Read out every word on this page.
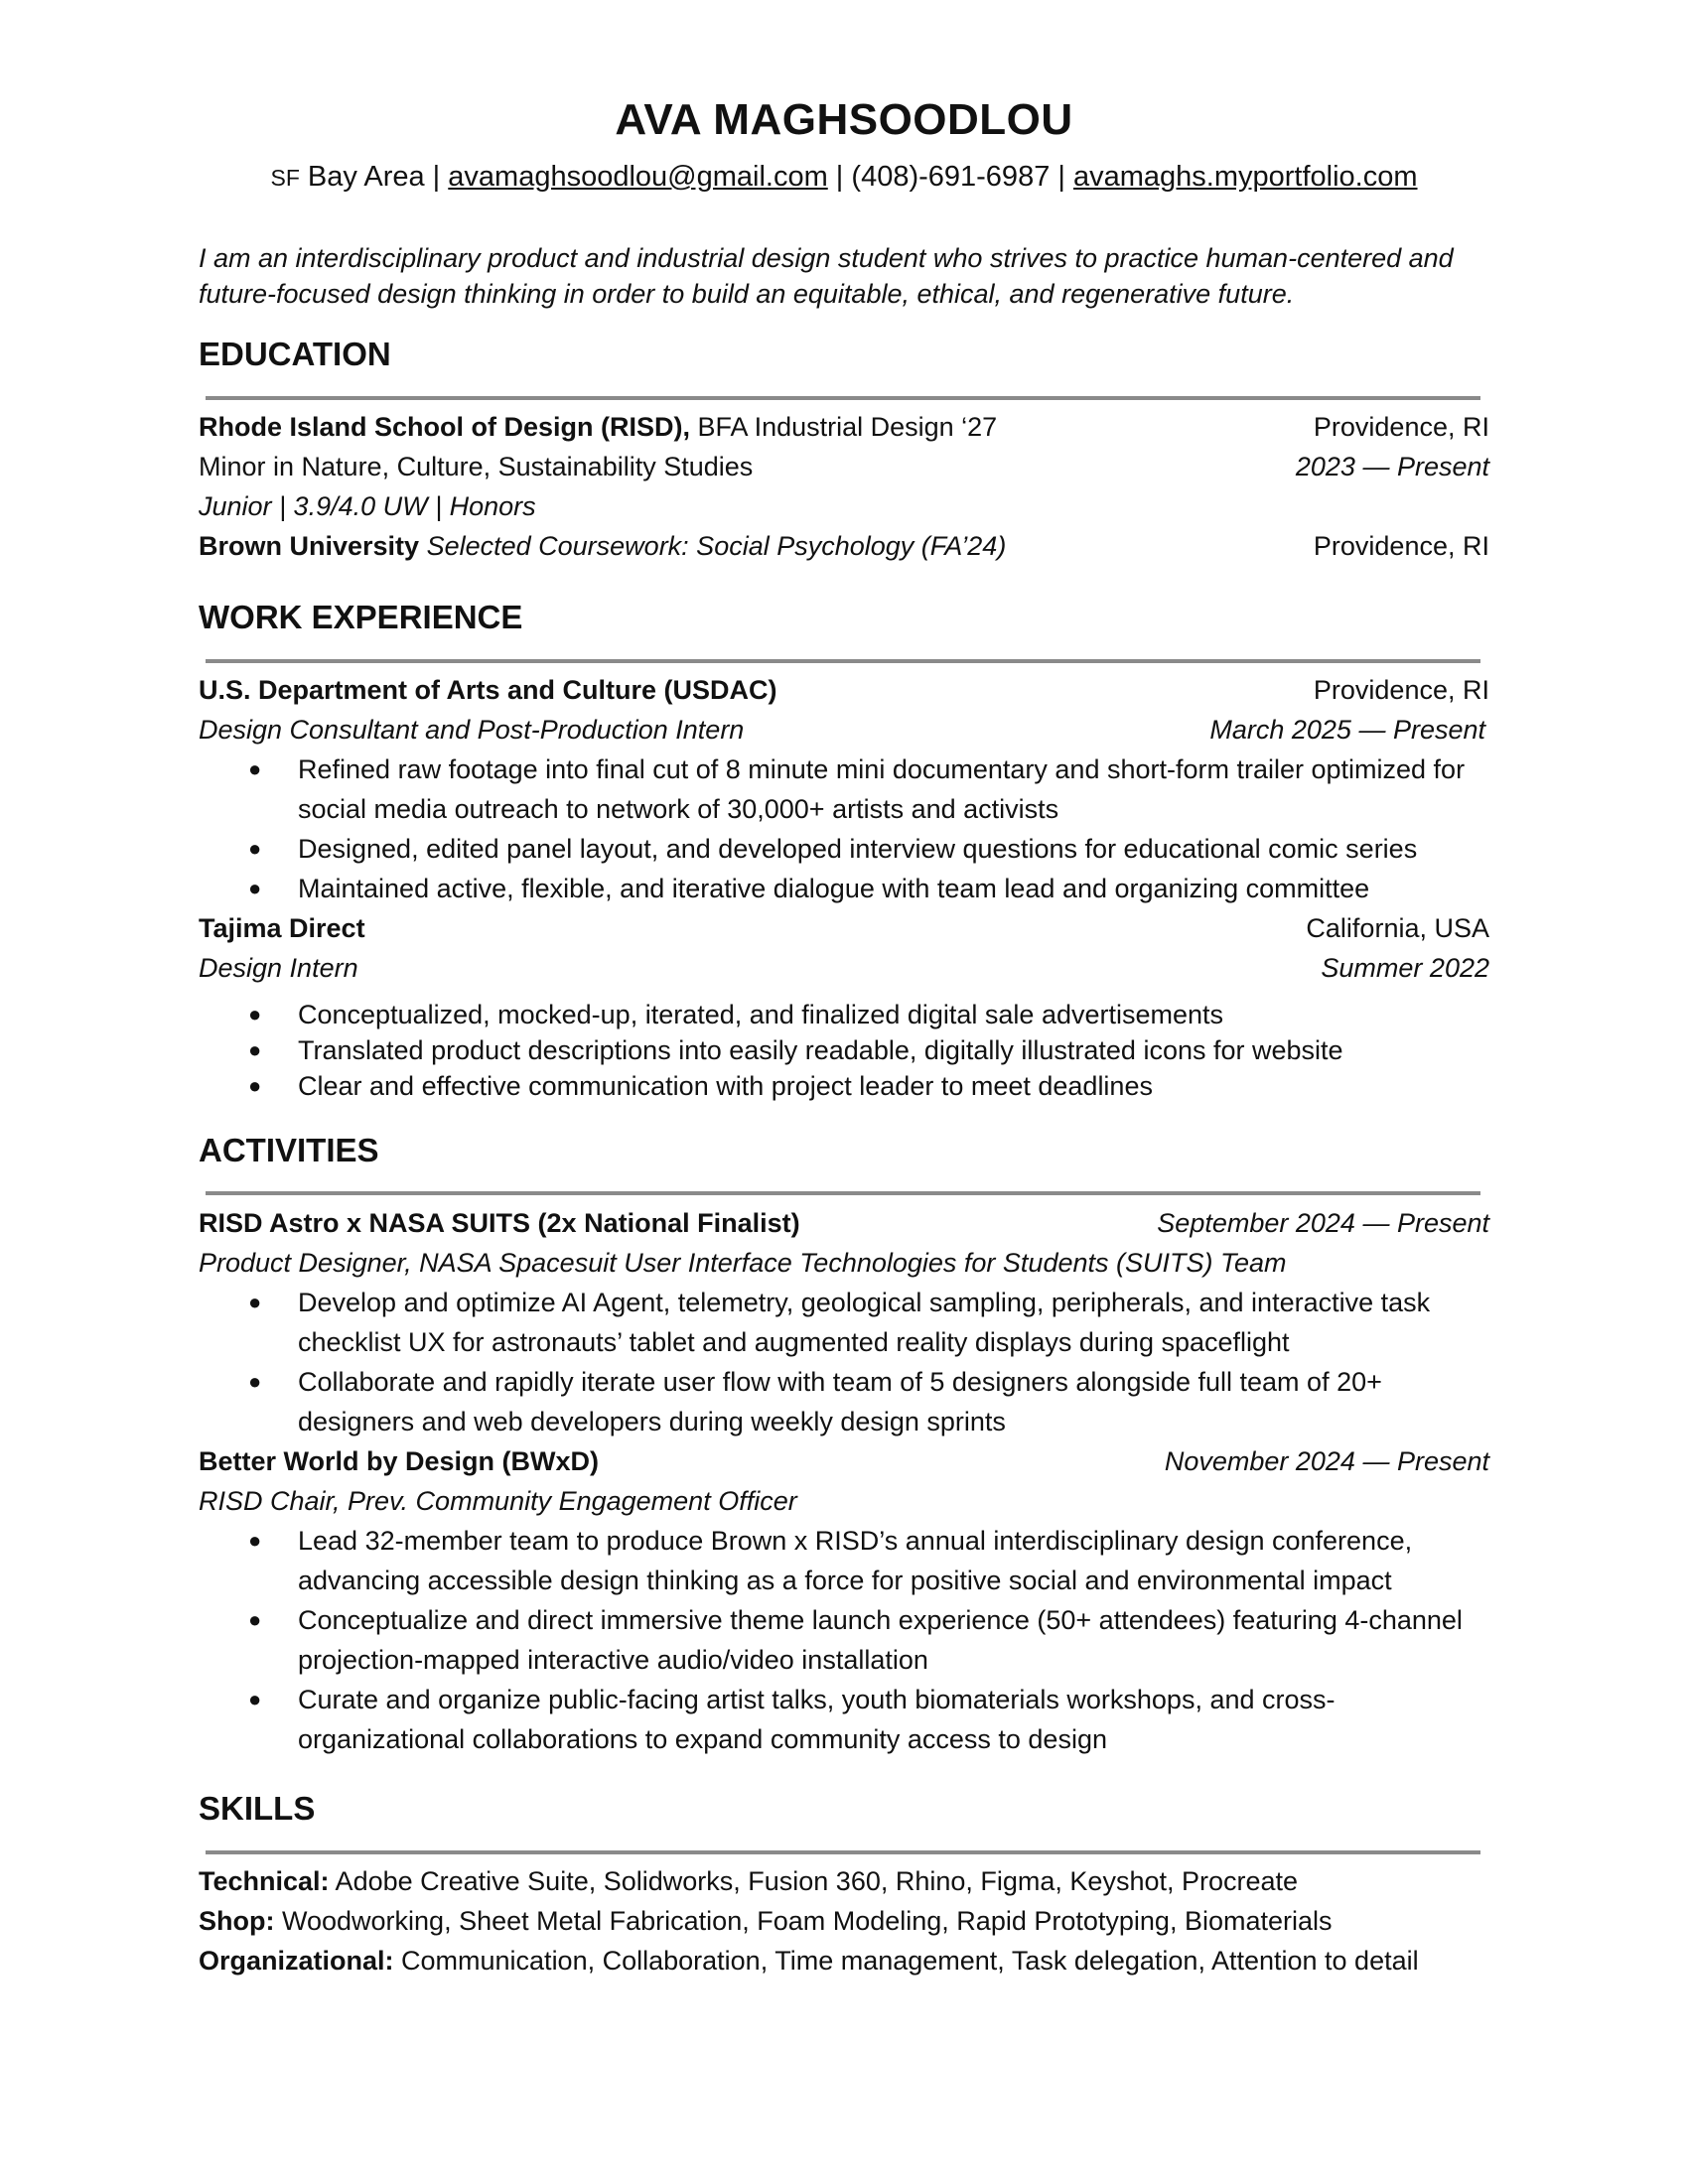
AVA MAGHSOODLOU
SF Bay Area | avamaghsoodlou@gmail.com | (408)-691-6987 | avamaghs.myportfolio.com
I am an interdisciplinary product and industrial design student who strives to practice human-centered and future-focused design thinking in order to build an equitable, ethical, and regenerative future.
EDUCATION
Rhode Island School of Design (RISD), BFA Industrial Design ‘27	Providence, RI
Minor in Nature, Culture, Sustainability Studies	2023 — Present
Junior | 3.9/4.0 UW | Honors
Brown University Selected Coursework: Social Psychology (FA’24)	Providence, RI
WORK EXPERIENCE
U.S. Department of Arts and Culture (USDAC)	Providence, RI
Design Consultant and Post-Production Intern	March 2025 — Present
● Refined raw footage into final cut of 8 minute mini documentary and short-form trailer optimized for social media outreach to network of 30,000+ artists and activists
● Designed, edited panel layout, and developed interview questions for educational comic series
● Maintained active, flexible, and iterative dialogue with team lead and organizing committee
Tajima Direct	California, USA
Design Intern	Summer 2022
● Conceptualized, mocked-up, iterated, and finalized digital sale advertisements
● Translated product descriptions into easily readable, digitally illustrated icons for website
● Clear and effective communication with project leader to meet deadlines
ACTIVITIES
RISD Astro x NASA SUITS (2x National Finalist)	September 2024 — Present
Product Designer, NASA Spacesuit User Interface Technologies for Students (SUITS) Team
● Develop and optimize AI Agent, telemetry, geological sampling, peripherals, and interactive task checklist UX for astronauts’ tablet and augmented reality displays during spaceflight
● Collaborate and rapidly iterate user flow with team of 5 designers alongside full team of 20+ designers and web developers during weekly design sprints
Better World by Design (BWxD)	November 2024 — Present
RISD Chair, Prev. Community Engagement Officer
● Lead 32-member team to produce Brown x RISD’s annual interdisciplinary design conference, advancing accessible design thinking as a force for positive social and environmental impact
● Conceptualize and direct immersive theme launch experience (50+ attendees) featuring 4-channel projection-mapped interactive audio/video installation
● Curate and organize public-facing artist talks, youth biomaterials workshops, and cross-organizational collaborations to expand community access to design
SKILLS
Technical: Adobe Creative Suite, Solidworks, Fusion 360, Rhino, Figma, Keyshot, Procreate
Shop: Woodworking, Sheet Metal Fabrication, Foam Modeling, Rapid Prototyping, Biomaterials
Organizational: Communication, Collaboration, Time management, Task delegation, Attention to detail
